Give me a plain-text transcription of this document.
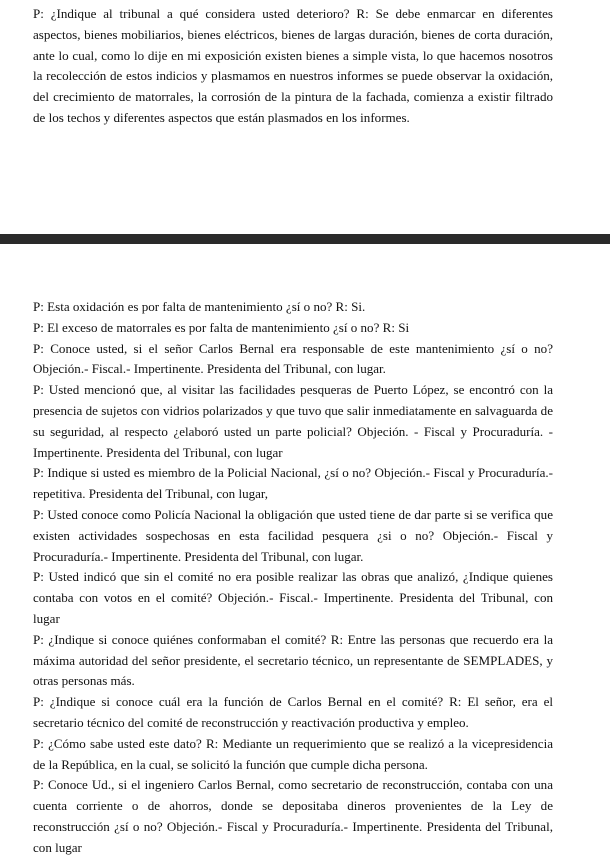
P: ¿Indique al tribunal a qué considera usted deterioro? R: Se debe enmarcar en diferentes aspectos, bienes mobiliarios, bienes eléctricos, bienes de largas duración, bienes de corta duración, ante lo cual, como lo dije en mi exposición existen bienes a simple vista, lo que hacemos nosotros la recolección de estos indicios y plasmamos en nuestros informes se puede observar la oxidación, del crecimiento de matorrales, la corrosión de la pintura de la fachada, comienza a existir filtrado de los techos y diferentes aspectos que están plasmados en los informes.

P: Esta oxidación es por falta de mantenimiento ¿sí o no? R: Si.

P: El exceso de matorrales es por falta de mantenimiento ¿sí o no? R: Si

P: Conoce usted, si el señor Carlos Bernal era responsable de este mantenimiento ¿sí o no? Objeción.- Fiscal.- Impertinente. Presidenta del Tribunal, con lugar.

P: Usted mencionó que, al visitar las facilidades pesqueras de Puerto López, se encontró con la presencia de sujetos con vidrios polarizados y que tuvo que salir inmediatamente en salvaguarda de su seguridad, al respecto ¿elaboró usted un parte policial? Objeción. - Fiscal y Procuraduría. - Impertinente. Presidenta del Tribunal, con lugar

P: Indique si usted es miembro de la Policial Nacional, ¿sí o no? Objeción.- Fiscal y Procuraduría.- repetitiva. Presidenta del Tribunal, con lugar,

P: Usted conoce como Policía Nacional la obligación que usted tiene de dar parte si se verifica que existen actividades sospechosas en esta facilidad pesquera ¿si o no? Objeción.- Fiscal y Procuraduría.- Impertinente. Presidenta del Tribunal, con lugar.

P: Usted indicó que sin el comité no era posible realizar las obras que analizó, ¿Indique quienes contaba con votos en el comité? Objeción.- Fiscal.- Impertinente. Presidenta del Tribunal, con lugar

P: ¿Indique si conoce quiénes conformaban el comité? R: Entre las personas que recuerdo era la máxima autoridad del señor presidente, el secretario técnico, un representante de SEMPLADES, y otras personas más.

P: ¿Indique si conoce cuál era la función de Carlos Bernal en el comité? R: El señor, era el secretario técnico del comité de reconstrucción y reactivación productiva y empleo.

P: ¿Cómo sabe usted este dato? R: Mediante un requerimiento que se realizó a la vicepresidencia de la República, en la cual, se solicitó la función que cumple dicha persona.

P: Conoce Ud., si el ingeniero Carlos Bernal, como secretario de reconstrucción, contaba con una cuenta corriente o de ahorros, donde se depositaba dineros provenientes de la Ley de reconstrucción ¿sí o no? Objeción.- Fiscal y Procuraduría.- Impertinente. Presidenta del Tribunal, con lugar
